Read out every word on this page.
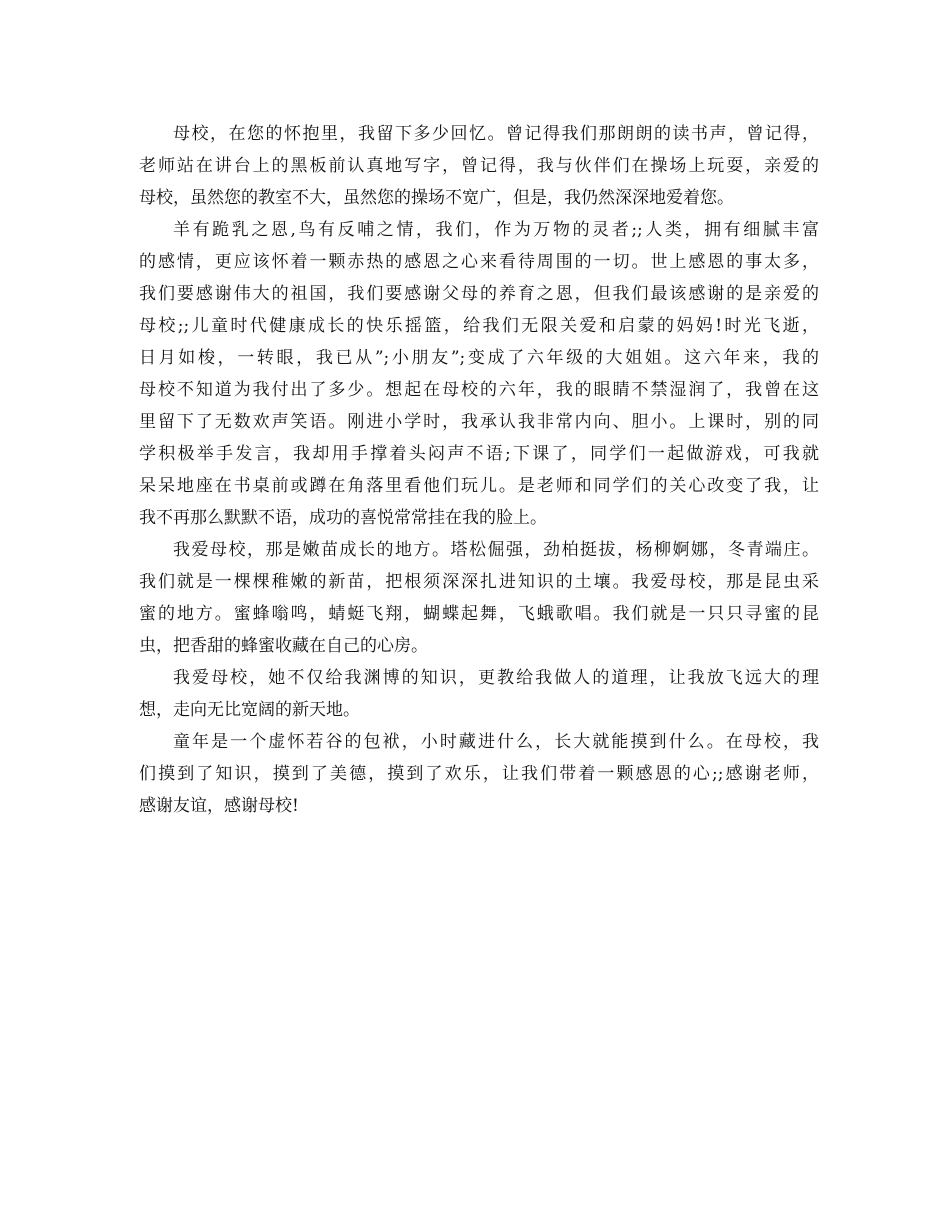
母校，在您的怀抱里，我留下多少回忆。曾记得我们那朗朗的读书声，曾记得，
老师站在讲台上的黑板前认真地写字，曾记得，我与伙伴们在操场上玩耍，亲爱的
母校，虽然您的教室不大，虽然您的操场不宽广，但是，我仍然深深地爱着您。

羊有跪乳之恩,鸟有反哺之情，我们，作为万物的灵者;;人类，拥有细腻丰富
的感情，更应该怀着一颗赤热的感恩之心来看待周围的一切。世上感恩的事太多，
我们要感谢伟大的祖国，我们要感谢父母的养育之恩，但我们最该感谢的是亲爱的
母校;;儿童时代健康成长的快乐摇篮，给我们无限关爱和启蒙的妈妈!时光飞逝，
日月如梭，一转眼，我已从”;小朋友”;变成了六年级的大姐姐。这六年来，我的
母校不知道为我付出了多少。想起在母校的六年，我的眼睛不禁湿润了，我曾在这
里留下了无数欢声笑语。刚进小学时，我承认我非常内向、胆小。上课时，别的同
学积极举手发言，我却用手撑着头闷声不语;下课了，同学们一起做游戏，可我就
呆呆地座在书桌前或蹲在角落里看他们玩儿。是老师和同学们的关心改变了我，让
我不再那么默默不语，成功的喜悦常常挂在我的脸上。

我爱母校，那是嫩苗成长的地方。塔松倔强，劲柏挺拔，杨柳婀娜，冬青端庄。
我们就是一棵棵稚嫩的新苗，把根须深深扎进知识的土壤。我爱母校，那是昆虫采
蜜的地方。蜜蜂嗡鸣，蜻蜓飞翔，蝴蝶起舞，飞蛾歌唱。我们就是一只只寻蜜的昆
虫，把香甜的蜂蜜收藏在自己的心房。

我爱母校，她不仅给我渊博的知识，更教给我做人的道理，让我放飞远大的理
想，走向无比宽阔的新天地。

童年是一个虚怀若谷的包袱，小时藏进什么，长大就能摸到什么。在母校，我
们摸到了知识，摸到了美德，摸到了欢乐，让我们带着一颗感恩的心;;感谢老师，
感谢友谊，感谢母校!
